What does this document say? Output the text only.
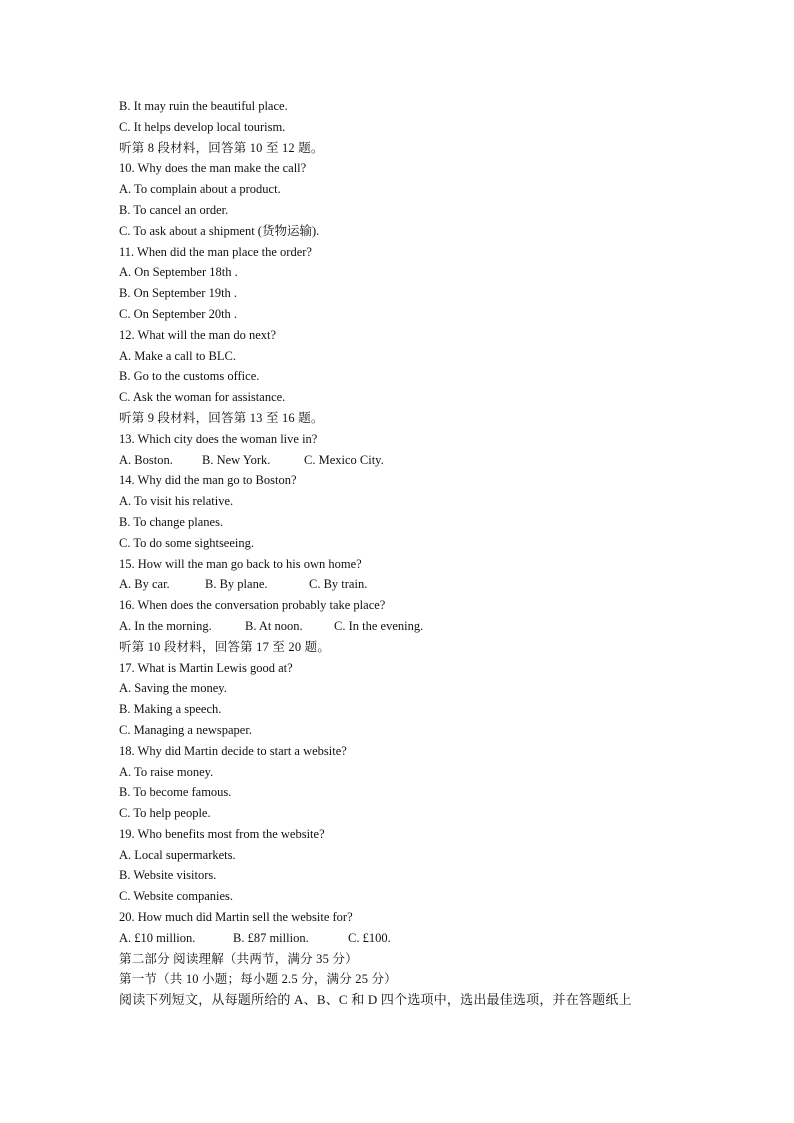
B. It may ruin the beautiful place.
C. It helps develop local tourism.
听第 8 段材料，回答第 10 至 12 题。
10. Why does the man make the call?
A. To complain about a product.
B. To cancel an order.
C. To ask about a shipment (货物运输).
11. When did the man place the order?
A. On September 18th .
B. On September 19th .
C. On September 20th .
12. What will the man do next?
A. Make a call to BLC.
B. Go to the customs office.
C. Ask the woman for assistance.
听第 9 段材料，回答第 13 至 16 题。
13. Which city does the woman live in?
A. Boston. B. New York.	C. Mexico City.
14. Why did the man go to Boston?
A. To visit his relative.
B. To change planes.
C. To do some sightseeing.
15. How will the man go back to his own home?
A. By car.	B. By plane.	C. By train.
16. When does the conversation probably take place?
A. In the morning.	B. At noon.	C. In the evening.
听第 10 段材料，回答第 17 至 20 题。
17. What is Martin Lewis good at?
A. Saving the money.
B. Making a speech.
C. Managing a newspaper.
18. Why did Martin decide to start a website?
A. To raise money.
B. To become famous.
C. To help people.
19. Who benefits most from the website?
A. Local supermarkets.
B. Website visitors.
C. Website companies.
20. How much did Martin sell the website for?
A. £10 million.	B. £87 million.	C. £100.
第二部分 阅读理解（共两节，满分 35 分）
第一节（共 10 小题；每小题 2.5 分，满分 25 分）
阅读下列短文，从每题所给的 A、B、C 和 D 四个选项中，选出最佳选项，并在答题纸上
